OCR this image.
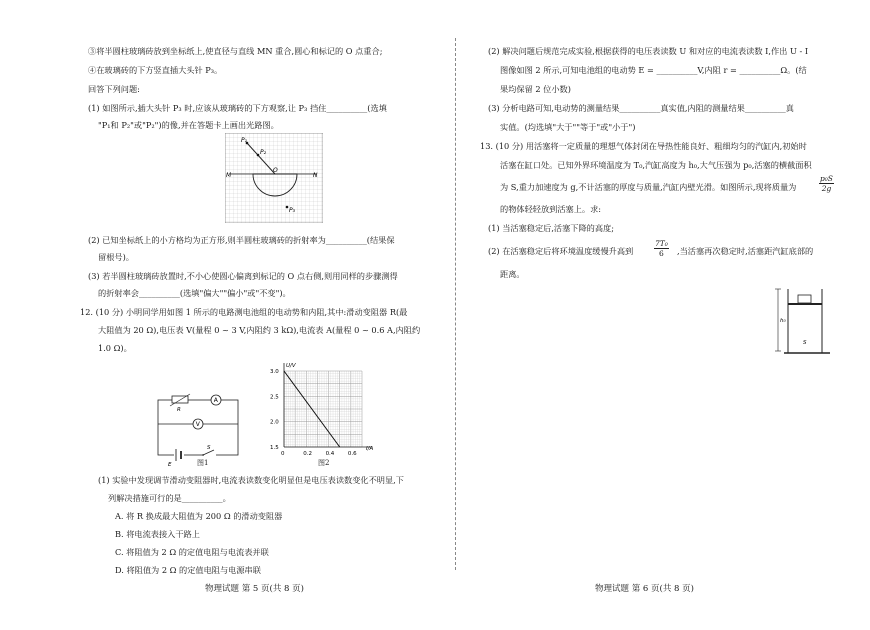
③将半圆柱玻璃砖放到坐标纸上,使直径与直线 MN 重合,圆心和标记的 O 点重合;
④在玻璃砖的下方竖直插大头针 P₃。
回答下列问题:
(1) 如图所示,插大头针 P₃ 时,应该从玻璃砖的下方观察,让 P₃ 挡住__________(选填
"P₁和 P₂"或"P₂")的像,并在答题卡上画出光路图。
P₁
P₂
P₃
M	N
O
(2) 已知坐标纸上的小方格均为正方形,则半圆柱玻璃砖的折射率为__________(结果保
留根号)。
(3) 若半圆柱玻璃砖放置时,不小心使圆心偏离到标记的 O 点右侧,则用同样的步骤测得
的折射率会__________(选填"偏大""偏小"或"不变")。
12. (10 分) 小明同学用如图 1 所示的电路测电池组的电动势和内阻,其中:滑动变阻器 R(最
大阻值为 20 Ω),电压表 V(量程 0 ~ 3 V,内阻约 3 kΩ),电流表 A(量程 0 ~ 0.6 A,内阻约
1.0 Ω)。
R
A
V
E
S
图1
I/A
U/V
0	0.2 0.4 0.6
1.5
2.0
2.5
3.0
图2
(1) 实验中发现调节滑动变阻器时,电流表读数变化明显但是电压表读数变化不明显,下
列解决措施可行的是__________。
A. 将 R 换成最大阻值为 200 Ω 的滑动变阻器
B. 将电流表接入干路上
C. 将阻值为 2 Ω 的定值电阻与电流表并联
D. 将阻值为 2 Ω 的定值电阻与电源串联
物理试题 第 5 页(共 8 页)
(2) 解决问题后规范完成实验,根据获得的电压表读数 U 和对应的电流表读数 I,作出 U - I
图像如图 2 所示,可知电池组的电动势 E = __________V,内阻 r = __________Ω。(结
果均保留 2 位小数)
(3) 分析电路可知,电动势的测量结果__________真实值,内阻的测量结果__________真
实值。(均选填"大于""等于"或"小于")
13. (10 分) 用活塞将一定质量的理想气体封闭在导热性能良好、粗细均匀的汽缸内,初始时
活塞在缸口处。已知外界环境温度为 T₀,汽缸高度为 h₀,大气压强为 p₀,活塞的横截面积
为 S,重力加速度为 g,不计活塞的厚度与质量,汽缸内壁光滑。如图所示,现将质量为	$\frac{\text{p₀S}}{2g}$
的物体轻轻放到活塞上。求:
(1) 当活塞稳定后,活塞下降的高度;
(2) 在活塞稳定后将环境温度缓慢升高到	$\frac{\text{7T₀}}{6}$ ,当活塞再次稳定时,活塞距汽缸底部的
距离。
h₀
S
物理试题 第 6 页(共 8 页)
